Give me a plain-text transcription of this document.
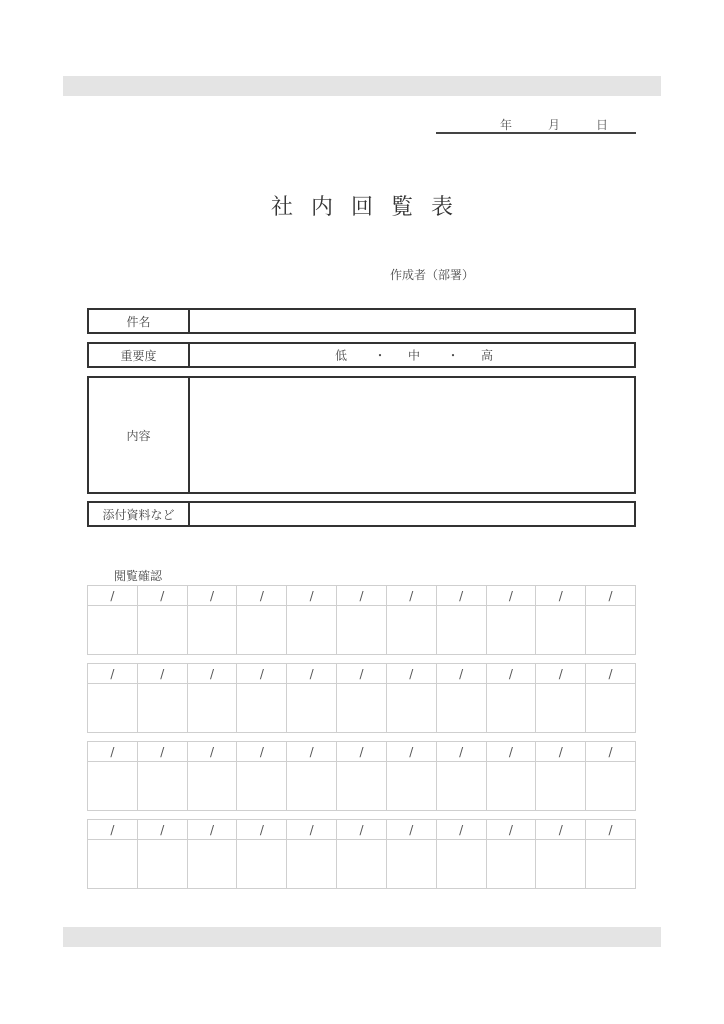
年	月	日
社内回覧表
作成者（部署）
件名
重要度	低 ・ 中 ・ 高
内容
添付資料など
閲覧確認
/	/	/	/	/	/	/	/	/	/	/
/	/	/	/	/	/	/	/	/	/	/
/	/	/	/	/	/	/	/	/	/	/
/	/	/	/	/	/	/	/	/	/	/
